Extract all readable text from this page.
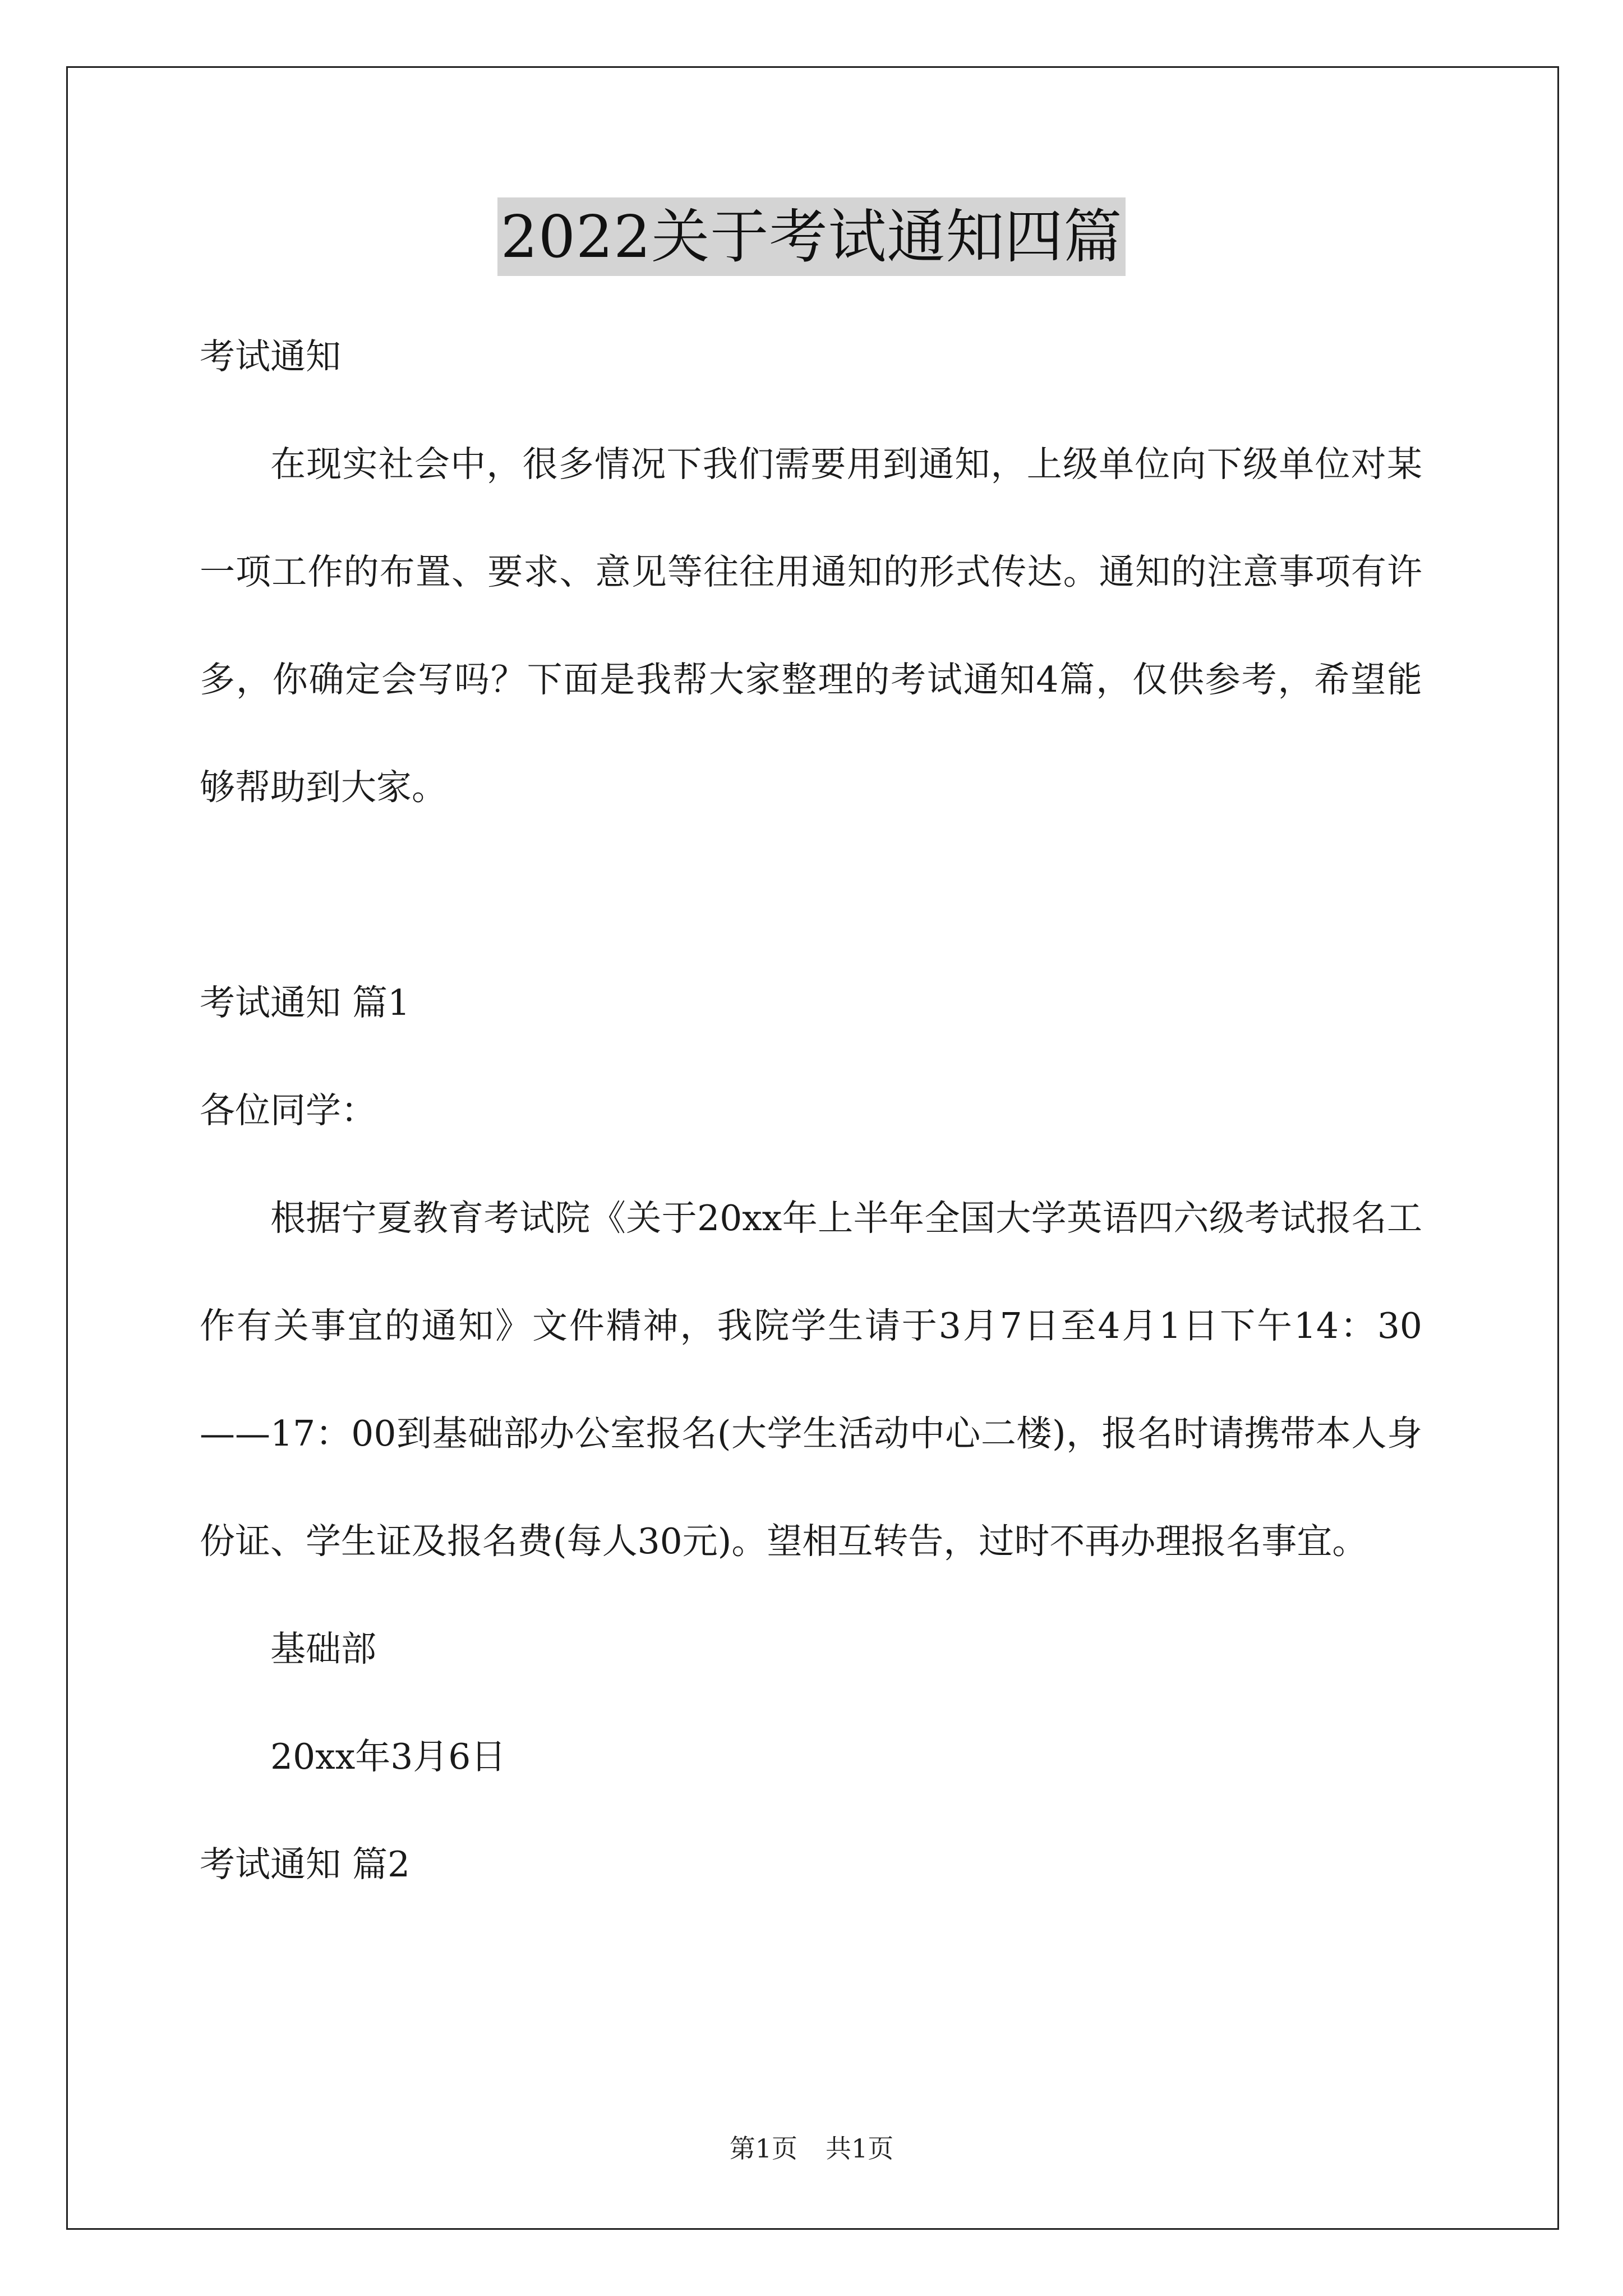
2022关于考试通知四篇

考试通知

在现实社会中，很多情况下我们需要用到通知，上级单位向下级单位对某一项工作的布置、要求、意见等往往用通知的形式传达。通知的注意事项有许多，你确定会写吗？下面是我帮大家整理的考试通知4篇，仅供参考，希望能够帮助到大家。

考试通知 篇1

各位同学：

根据宁夏教育考试院《关于20xx年上半年全国大学英语四六级考试报名工作有关事宜的通知》文件精神，我院学生请于3月7日至4月1日下午14：30——17：00到基础部办公室报名(大学生活动中心二楼)，报名时请携带本人身份证、学生证及报名费(每人30元)。望相互转告，过时不再办理报名事宜。

基础部

20xx年3月6日

考试通知 篇2

第1页 共1页
